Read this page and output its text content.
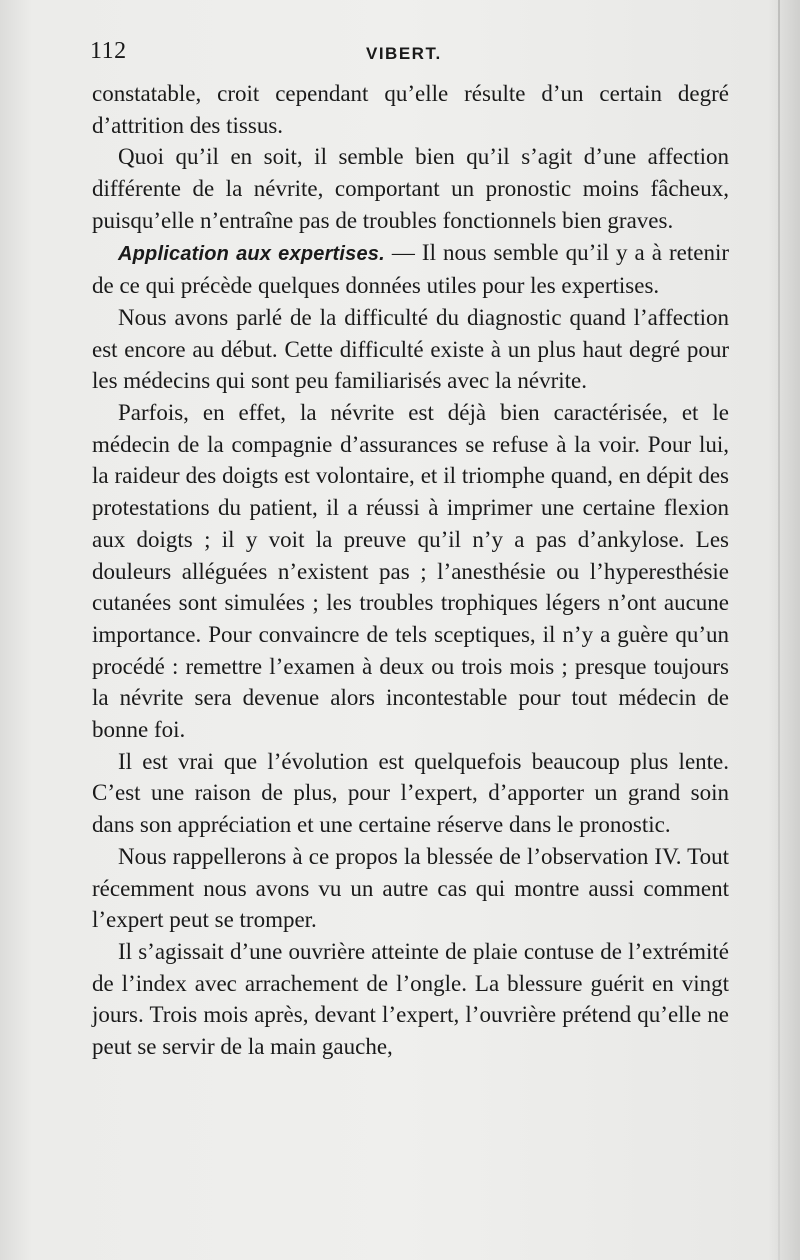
112	VIBERT.

constatable, croit cependant qu’elle résulte d’un certain degré d’attrition des tissus.

Quoi qu’il en soit, il semble bien qu’il s’agit d’une affection différente de la névrite, comportant un pronostic moins fâcheux, puisqu’elle n’entraîne pas de troubles fonctionnels bien graves.

Application aux expertises. — Il nous semble qu’il y a à retenir de ce qui précède quelques données utiles pour les expertises.

Nous avons parlé de la difficulté du diagnostic quand l’affection est encore au début. Cette difficulté existe à un plus haut degré pour les médecins qui sont peu familiarisés avec la névrite.

Parfois, en effet, la névrite est déjà bien caractérisée, et le médecin de la compagnie d’assurances se refuse à la voir. Pour lui, la raideur des doigts est volontaire, et il triomphe quand, en dépit des protestations du patient, il a réussi à imprimer une certaine flexion aux doigts ; il y voit la preuve qu’il n’y a pas d’ankylose. Les douleurs alléguées n’existent pas ; l’anesthésie ou l’hyperesthésie cutanées sont simulées ; les troubles trophiques légers n’ont aucune importance. Pour convaincre de tels sceptiques, il n’y a guère qu’un procédé : remettre l’examen à deux ou trois mois ; presque toujours la névrite sera devenue alors incontestable pour tout médecin de bonne foi.

Il est vrai que l’évolution est quelquefois beaucoup plus lente. C’est une raison de plus, pour l’expert, d’apporter un grand soin dans son appréciation et une certaine réserve dans le pronostic.

Nous rappellerons à ce propos la blessée de l’observation IV. Tout récemment nous avons vu un autre cas qui montre aussi comment l’expert peut se tromper.

Il s’agissait d’une ouvrière atteinte de plaie contuse de l’extrémité de l’index avec arrachement de l’ongle. La blessure guérit en vingt jours. Trois mois après, devant l’expert, l’ouvrière prétend qu’elle ne peut se servir de la main gauche,
